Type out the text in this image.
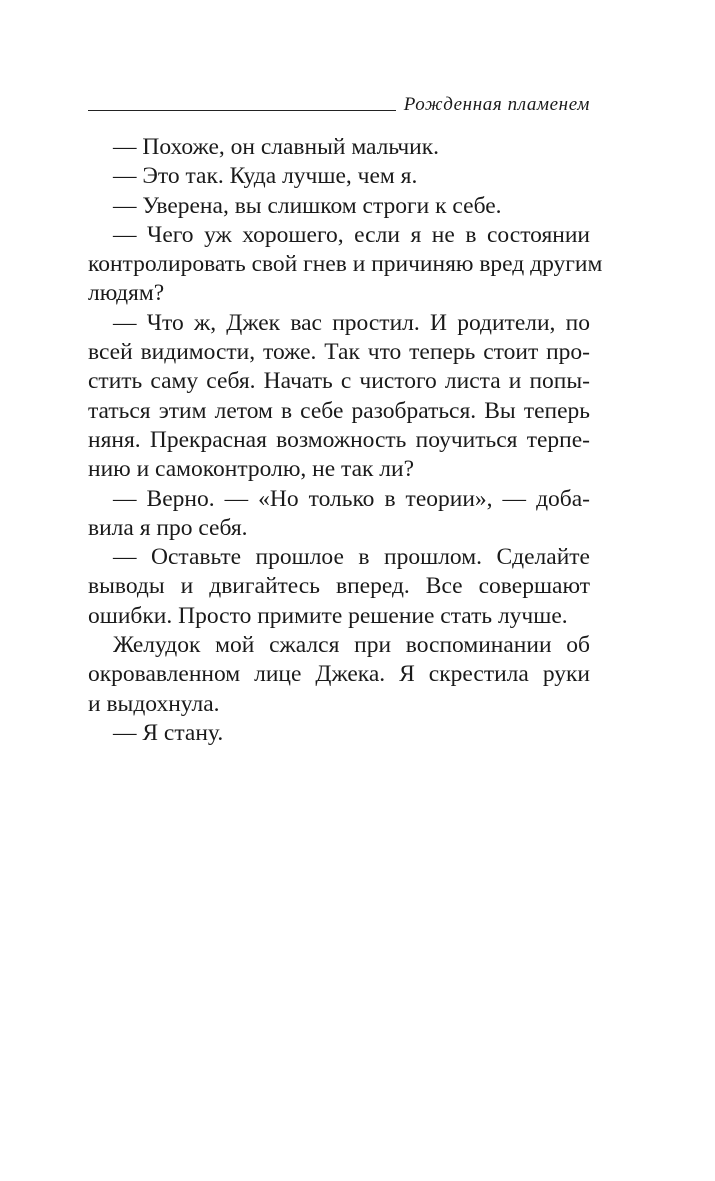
Рожденная пламенем
— Похоже, он славный мальчик.
— Это так. Куда лучше, чем я.
— Уверена, вы слишком строги к себе.
— Чего уж хорошего, если я не в состоянии
контролировать свой гнев и причиняю вред другим
людям?
— Что ж, Джек вас простил. И родители, по
всей видимости, тоже. Так что теперь стоит про-
стить саму себя. Начать с чистого листа и попы-
таться этим летом в себе разобраться. Вы теперь
няня. Прекрасная возможность поучиться терпе-
нию и самоконтролю, не так ли?
— Верно. — «Но только в теории», — доба-
вила я про себя.
— Оставьте прошлое в прошлом. Сделайте
выводы и двигайтесь вперед. Все совершают
ошибки. Просто примите решение стать лучше.
Желудок мой сжался при воспоминании об
окровавленном лице Джека. Я скрестила руки
и выдохнула.
— Я стану.
